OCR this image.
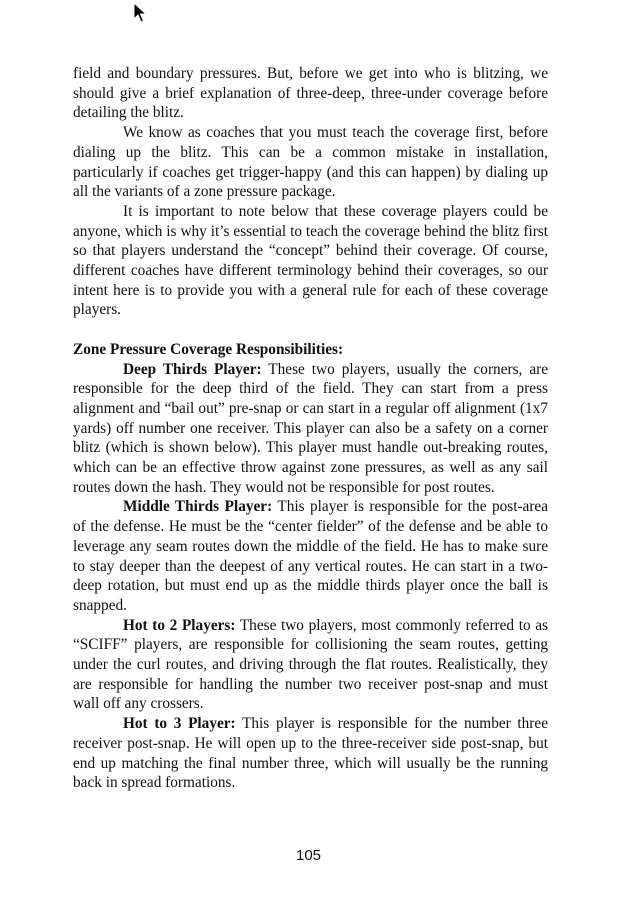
field and boundary pressures. But, before we get into who is blitzing, we should give a brief explanation of three-deep, three-under coverage before detailing the blitz.

We know as coaches that you must teach the coverage first, before dialing up the blitz. This can be a common mistake in installation, particularly if coaches get trigger-happy (and this can happen) by dialing up all the variants of a zone pressure package.

It is important to note below that these coverage players could be anyone, which is why it’s essential to teach the coverage behind the blitz first so that players understand the “concept” behind their coverage. Of course, different coaches have different terminology behind their coverages, so our intent here is to provide you with a general rule for each of these coverage players.

Zone Pressure Coverage Responsibilities:

Deep Thirds Player: These two players, usually the corners, are responsible for the deep third of the field. They can start from a press alignment and “bail out” pre-snap or can start in a regular off alignment (1x7 yards) off number one receiver. This player can also be a safety on a corner blitz (which is shown below). This player must handle out-breaking routes, which can be an effective throw against zone pressures, as well as any sail routes down the hash. They would not be responsible for post routes.

Middle Thirds Player: This player is responsible for the post-area of the defense. He must be the “center fielder” of the defense and be able to leverage any seam routes down the middle of the field. He has to make sure to stay deeper than the deepest of any vertical routes. He can start in a two-deep rotation, but must end up as the middle thirds player once the ball is snapped.

Hot to 2 Players: These two players, most commonly referred to as “SCIFF” players, are responsible for collisioning the seam routes, getting under the curl routes, and driving through the flat routes. Realistically, they are responsible for handling the number two receiver post-snap and must wall off any crossers.

Hot to 3 Player: This player is responsible for the number three receiver post-snap. He will open up to the three-receiver side post-snap, but end up matching the final number three, which will usually be the running back in spread formations.

105
